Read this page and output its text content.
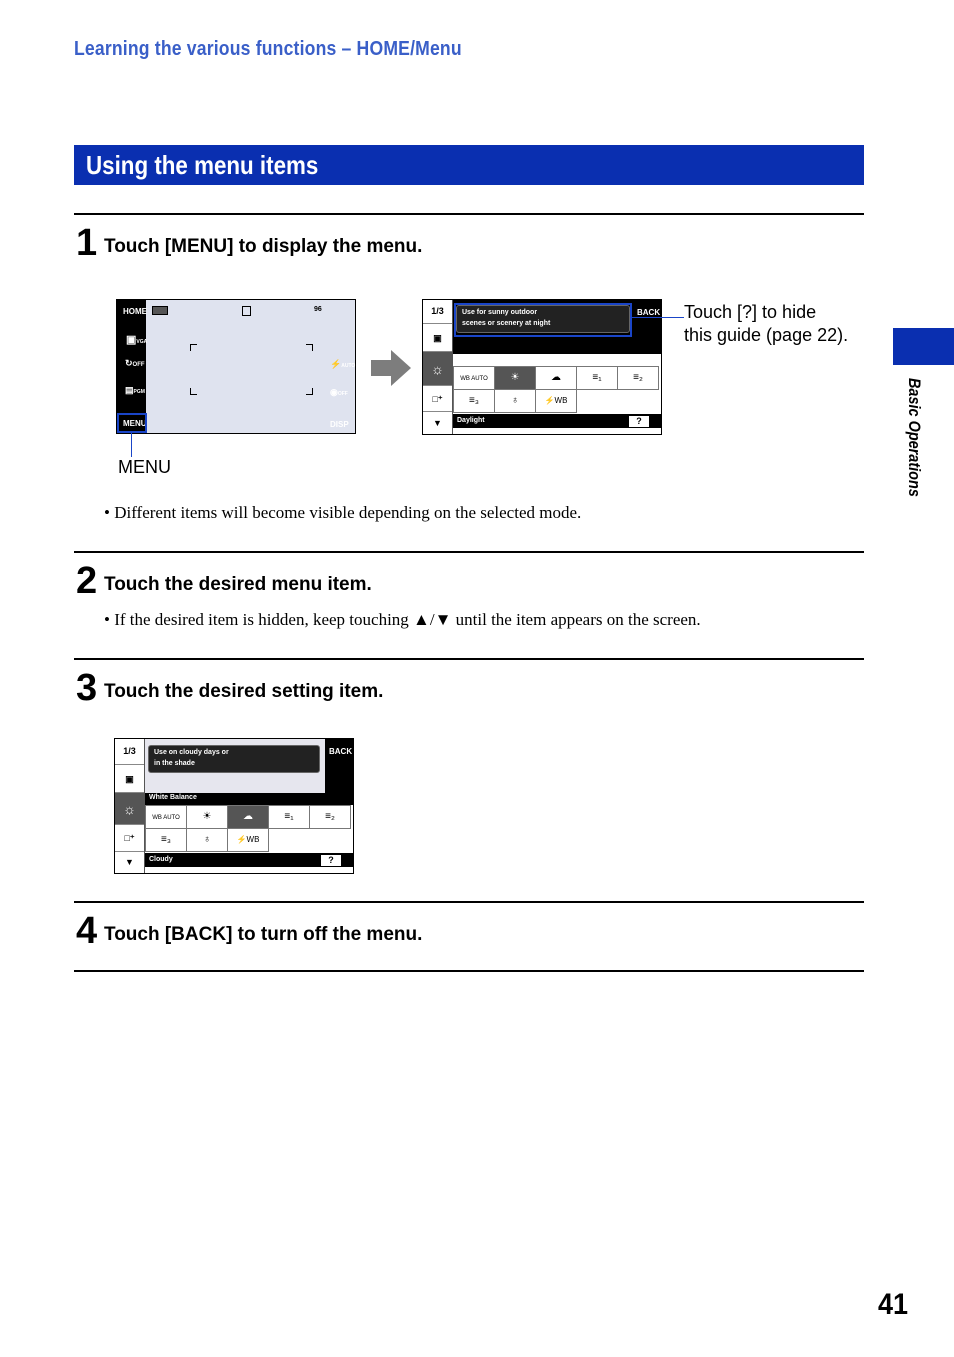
Learning the various functions – HOME/Menu
Using the menu items
Basic Operations
1 Touch [MENU] to display the menu.
96
HOME
▣VGA
↻OFF
▤PGM
MENU
⚡AUTO
◉OFF
DISP
MENU
1/3
▣
☼
□⁺
▼
Use for sunny outdoor
scenes or scenery at night
BACK
White Balance
WB AUTO	☀	☁	≡₁	≡₂
≡₃	♁	⚡WB
Daylight	?
Touch [?] to hide
this guide (page 22).
• Different items will become visible depending on the selected mode.
2 Touch the desired menu item.
• If the desired item is hidden, keep touching ▲/▼ until the item appears on the screen.
3 Touch the desired setting item.
1/3
▣
☼
□⁺
▼
Use on cloudy days or
in the shade
BACK
White Balance
WB AUTO	☀	☁	≡₁	≡₂
≡₃	♁	⚡WB
Cloudy	?
4 Touch [BACK] to turn off the menu.
41
